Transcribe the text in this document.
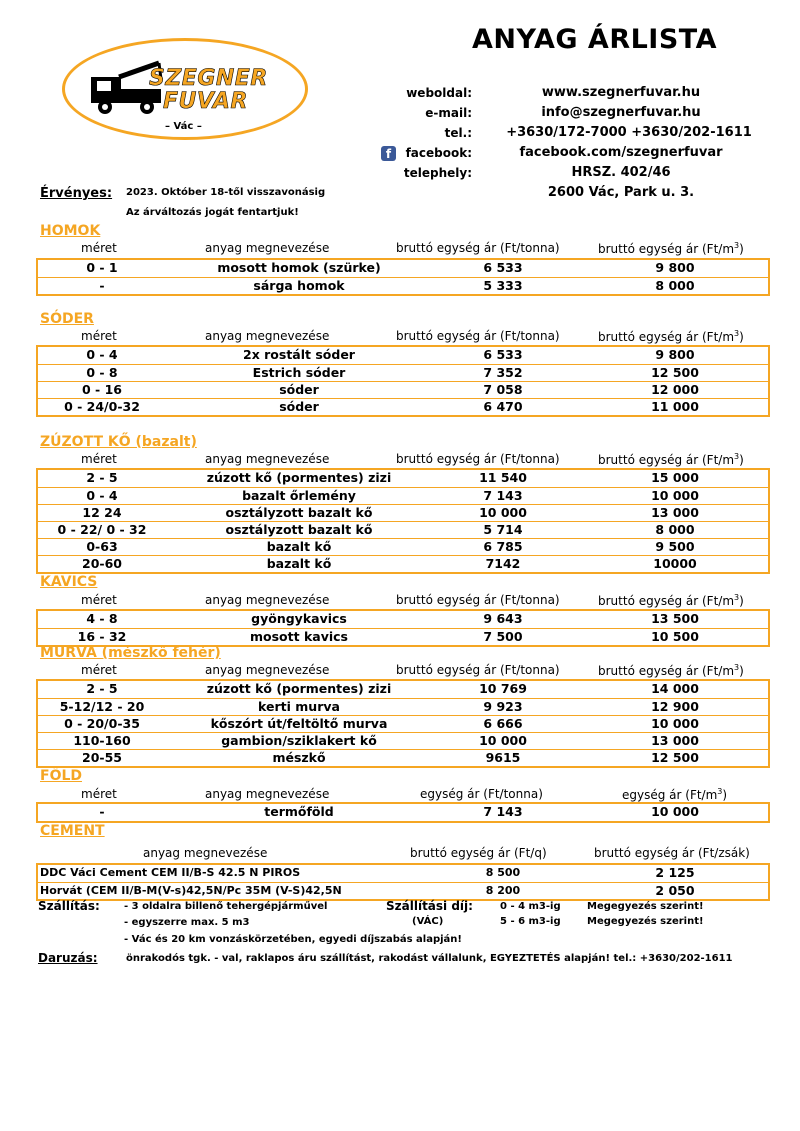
ANYAG ÁRLISTA
SZEGNER
FUVAR
– Vác –
weboldal:	www.szegnerfuvar.hu
e-mail:	info@szegnerfuvar.hu
tel.:	+3630/172-7000 +3630/202-1611
f	facebook:	facebook.com/szegnerfuvar
telephely:	HRSZ. 402/46
2600 Vác, Park u. 3.
Érvényes: 2023. Október 18-től visszavonásig
Az árváltozás jogát fentartjuk!
HOMOK
méret	anyag megnevezése	bruttó egység ár (Ft/tonna)	bruttó egység ár $(Ft/m^3)$
0 - 1	mosott homok (szürke)	6 533	9 800
-	sárga homok	5 333	8 000
SÓDER
méret	anyag megnevezése	bruttó egység ár (Ft/tonna)	bruttó egység ár $(Ft/m^3)$
0 - 4	2x rostált sóder	6 533	9 800
0 - 8	Estrich sóder	7 352	12 500
0 - 16	sóder	7 058	12 000
0 - 24/0-32	sóder	6 470	11 000
ZÚZOTT KŐ (bazalt)
méret	anyag megnevezése	bruttó egység ár (Ft/tonna)	bruttó egység ár $(Ft/m^3)$
2 - 5	zúzott kő (pormentes) zizi	11 540	15 000
0 - 4	bazalt őrlemény	7 143	10 000
12 24	osztályzott bazalt kő	10 000	13 000
0 - 22/ 0 - 32	osztályzott bazalt kő	5 714	8 000
0-63	bazalt kő	6 785	9 500
20-60	bazalt kő	7142	10000
KAVICS
méret	anyag megnevezése	bruttó egység ár (Ft/tonna)	bruttó egység ár $(Ft/m^3)$
4 - 8	gyöngykavics	9 643	13 500
16 - 32	mosott kavics	7 500	10 500
MURVA (mészkő fehér)
méret	anyag megnevezése	bruttó egység ár (Ft/tonna)	bruttó egység ár $(Ft/m^3)$
2 - 5	zúzott kő (pormentes) zizi	10 769	14 000
5-12/12 - 20	kerti murva	9 923	12 900
0 - 20/0-35	kőszórt út/feltöltő murva	6 666	10 000
110-160	gambion/sziklakert kő	10 000	13 000
20-55	mészkő	9615	12 500
FÖLD
méret	anyag megnevezése	egység ár (Ft/tonna)	egység ár $(Ft/m^3)$
-	termőföld	7 143	10 000
CEMENT
anyag megnevezése	bruttó egység ár (Ft/q)	bruttó egység ár (Ft/zsák)
DDC Váci Cement CEM II/B-S 42.5 N PIROS	8 500	2 125
Horvát (CEM II/B-M(V-s)42,5N/Pc 35M (V-S)42,5N	8 200	2 050
Szállítás: - 3 oldalra billenő tehergépjárművel
- egyszerre max. 5 m3
- Vác és 20 km vonzáskörzetében, egyedi díjszabás alapján!
Szállítási díj:
(VÁC)
0 - 4 m3-ig	Megegyezés szerint!
5 - 6 m3-ig	Megegyezés szerint!
Daruzás:	önrakodós tgk. - val, raklapos áru szállítást, rakodást vállalunk, EGYEZTETÉS alapján! tel.: +3630/202-1611
